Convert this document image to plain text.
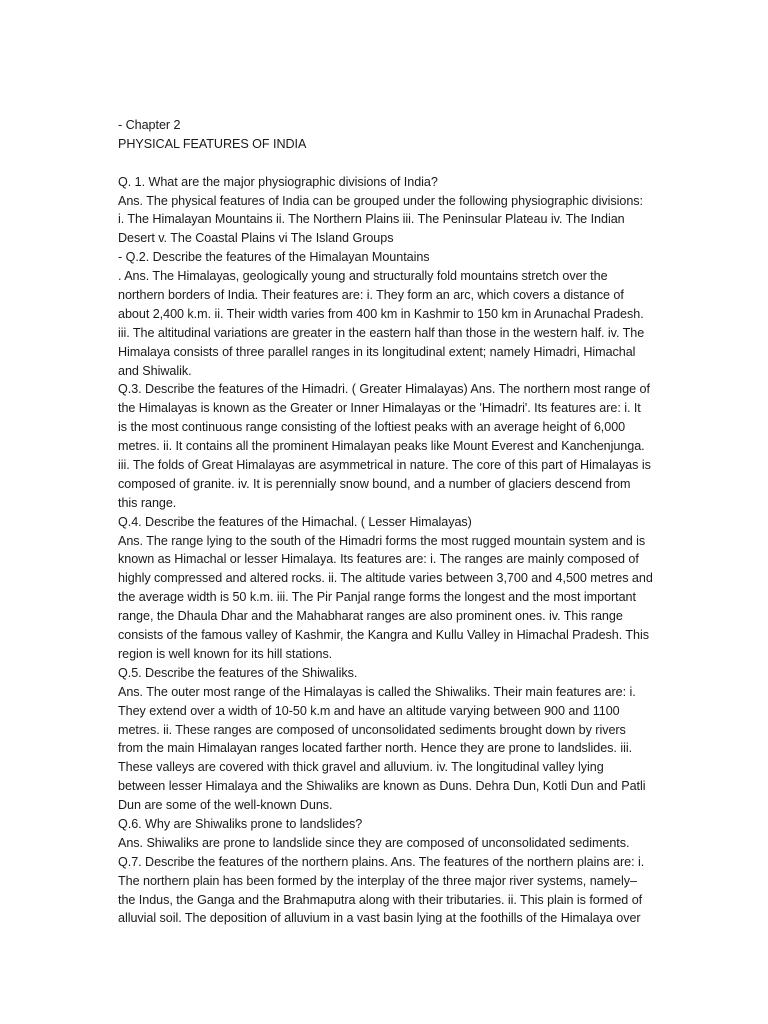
- Chapter 2
PHYSICAL FEATURES OF INDIA
Q. 1. What are the major physiographic divisions of India?
Ans. The physical features of India can be grouped under the following physiographic divisions:
i. The Himalayan Mountains ii. The Northern Plains iii. The Peninsular Plateau iv. The Indian
Desert v. The Coastal Plains vi The Island Groups
- Q.2. Describe the features of the Himalayan Mountains
. Ans. The Himalayas, geologically young and structurally fold mountains stretch over the
northern borders of India. Their features are: i. They form an arc, which covers a distance of
about 2,400 k.m. ii. Their width varies from 400 km in Kashmir to 150 km in Arunachal Pradesh.
iii. The altitudinal variations are greater in the eastern half than those in the western half. iv. The
Himalaya consists of three parallel ranges in its longitudinal extent; namely Himadri, Himachal
and Shiwalik.
Q.3. Describe the features of the Himadri. ( Greater Himalayas) Ans. The northern most range of
the Himalayas is known as the Greater or Inner Himalayas or the 'Himadri'. Its features are: i. It
is the most continuous range consisting of the loftiest peaks with an average height of 6,000
metres. ii. It contains all the prominent Himalayan peaks like Mount Everest and Kanchenjunga.
iii. The folds of Great Himalayas are asymmetrical in nature. The core of this part of Himalayas is
composed of granite. iv. It is perennially snow bound, and a number of glaciers descend from
this range.
Q.4. Describe the features of the Himachal. ( Lesser Himalayas)
Ans. The range lying to the south of the Himadri forms the most rugged mountain system and is
known as Himachal or lesser Himalaya. Its features are: i. The ranges are mainly composed of
highly compressed and altered rocks. ii. The altitude varies between 3,700 and 4,500 metres and
the average width is 50 k.m. iii. The Pir Panjal range forms the longest and the most important
range, the Dhaula Dhar and the Mahabharat ranges are also prominent ones. iv. This range
consists of the famous valley of Kashmir, the Kangra and Kullu Valley in Himachal Pradesh. This
region is well known for its hill stations.
Q.5. Describe the features of the Shiwaliks.
Ans. The outer most range of the Himalayas is called the Shiwaliks. Their main features are: i.
They extend over a width of 10-50 k.m and have an altitude varying between 900 and 1100
metres. ii. These ranges are composed of unconsolidated sediments brought down by rivers
from the main Himalayan ranges located farther north. Hence they are prone to landslides. iii.
These valleys are covered with thick gravel and alluvium. iv. The longitudinal valley lying
between lesser Himalaya and the Shiwaliks are known as Duns. Dehra Dun, Kotli Dun and Patli
Dun are some of the well-known Duns.
Q.6. Why are Shiwaliks prone to landslides?
Ans. Shiwaliks are prone to landslide since they are composed of unconsolidated sediments.
Q.7. Describe the features of the northern plains. Ans. The features of the northern plains are: i.
The northern plain has been formed by the interplay of the three major river systems, namely–
the Indus, the Ganga and the Brahmaputra along with their tributaries. ii. This plain is formed of
alluvial soil. The deposition of alluvium in a vast basin lying at the foothills of the Himalaya over
